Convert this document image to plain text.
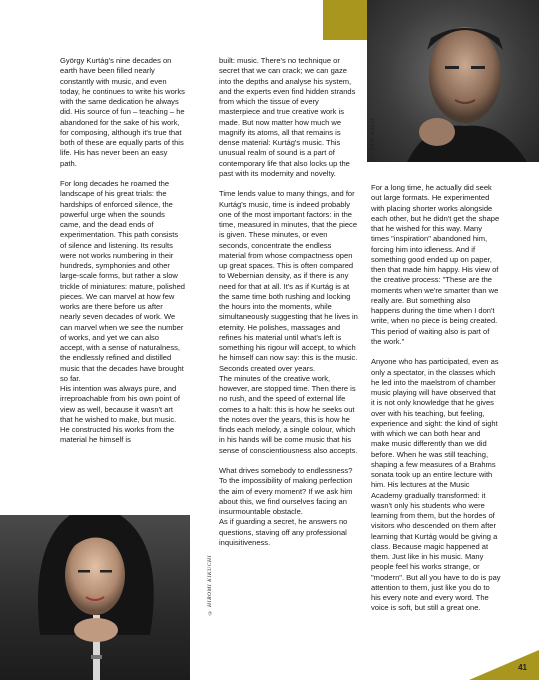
© KEN HAKII
© HIROMI KIKUCHI

György Kurtág's nine decades on earth have been filled nearly constantly with music, and even today, he continues to write his works with the same dedication he always did. His source of fun – teaching – he abandoned for the sake of his work, for composing, although it's true that both of these are equally parts of this life. His has never been an easy path.

For long decades he roamed the landscape of his great trials: the hardships of enforced silence, the powerful urge when the sounds came, and the dead ends of experimentation. This path consists of silence and listening. Its results were not works numbering in their hundreds, symphonies and other large-scale forms, but rather a slow trickle of miniatures: mature, polished pieces. We can marvel at how few works are there before us after nearly seven decades of work. We can marvel when we see the number of works, and yet we can also accept, with a sense of naturalness, the endlessly refined and distilled music that the decades have brought so far.

His intention was always pure, and irreproachable from his own point of view as well, because it wasn't art that he wished to make, but music. He constructed his works from the material he himself is

built: music. There's no technique or secret that we can crack; we can gaze into the depths and analyse his system, and the experts even find hidden strands from which the tissue of every masterpiece and true creative work is made. But now matter how much we magnify its atoms, all that remains is dense material: Kurtág's music. This unusual realm of sound is a part of contemporary life that also locks up the past with its modernity and novelty.

Time lends value to many things, and for Kurtág's music, time is indeed probably one of the most important factors: in the time, measured in minutes, that the piece is given. These minutes, or even seconds, concentrate the endless material from whose compactness open up great spaces. This is often compared to Webernian density, as if there is any need for that at all. It's as if Kurtág is at the same time both rushing and locking the hours into the moments, while simultaneously suggesting that he lives in eternity. He polishes, massages and refines his material until what's left is something his rigour will accept, to which he himself can now say: this is the music. Seconds created over years.

The minutes of the creative work, however, are stopped time. Then there is no rush, and the speed of external life comes to a halt: this is how he seeks out the notes over the years, this is how he finds each melody, a single colour, which in his hands will be come music that his sense of conscientiousness also accepts.

What drives somebody to endlessness? To the impossibility of making perfection the aim of every moment? If we ask him about this, we find ourselves facing an insurmountable obstacle.

As if guarding a secret, he answers no questions, staving off any professional inquisitiveness.

For a long time, he actually did seek out large formats. He experimented with placing shorter works alongside each other, but he didn't get the shape that he wished for this way. Many times "inspiration" abandoned him, forcing him into idleness. And if something good ended up on paper, then that made him happy. His view of the creative process: "These are the moments when we're smarter than we really are. But something also happens during the time when I don't write, when no piece is being created. This period of waiting also is part of the work."

Anyone who has participated, even as only a spectator, in the classes which he led into the maelstrom of chamber music playing will have observed that it is not only knowledge that he gives over with his teaching, but feeling, experience and sight: the kind of sight with which we can both hear and make music differently than we did before. When he was still teaching, shaping a few measures of a Brahms sonata took up an entire lecture with him. His lectures at the Music Academy gradually transformed: it wasn't only his students who were learning from them, but the hordes of visitors who descended on them after learning that Kurtág would be giving a class. Because magic happened at them. Just like in his music. Many people feel his works strange, or "modern". But all you have to do is pay attention to them, just like you do to his every note and every word. The voice is soft, but still a great one.

41
